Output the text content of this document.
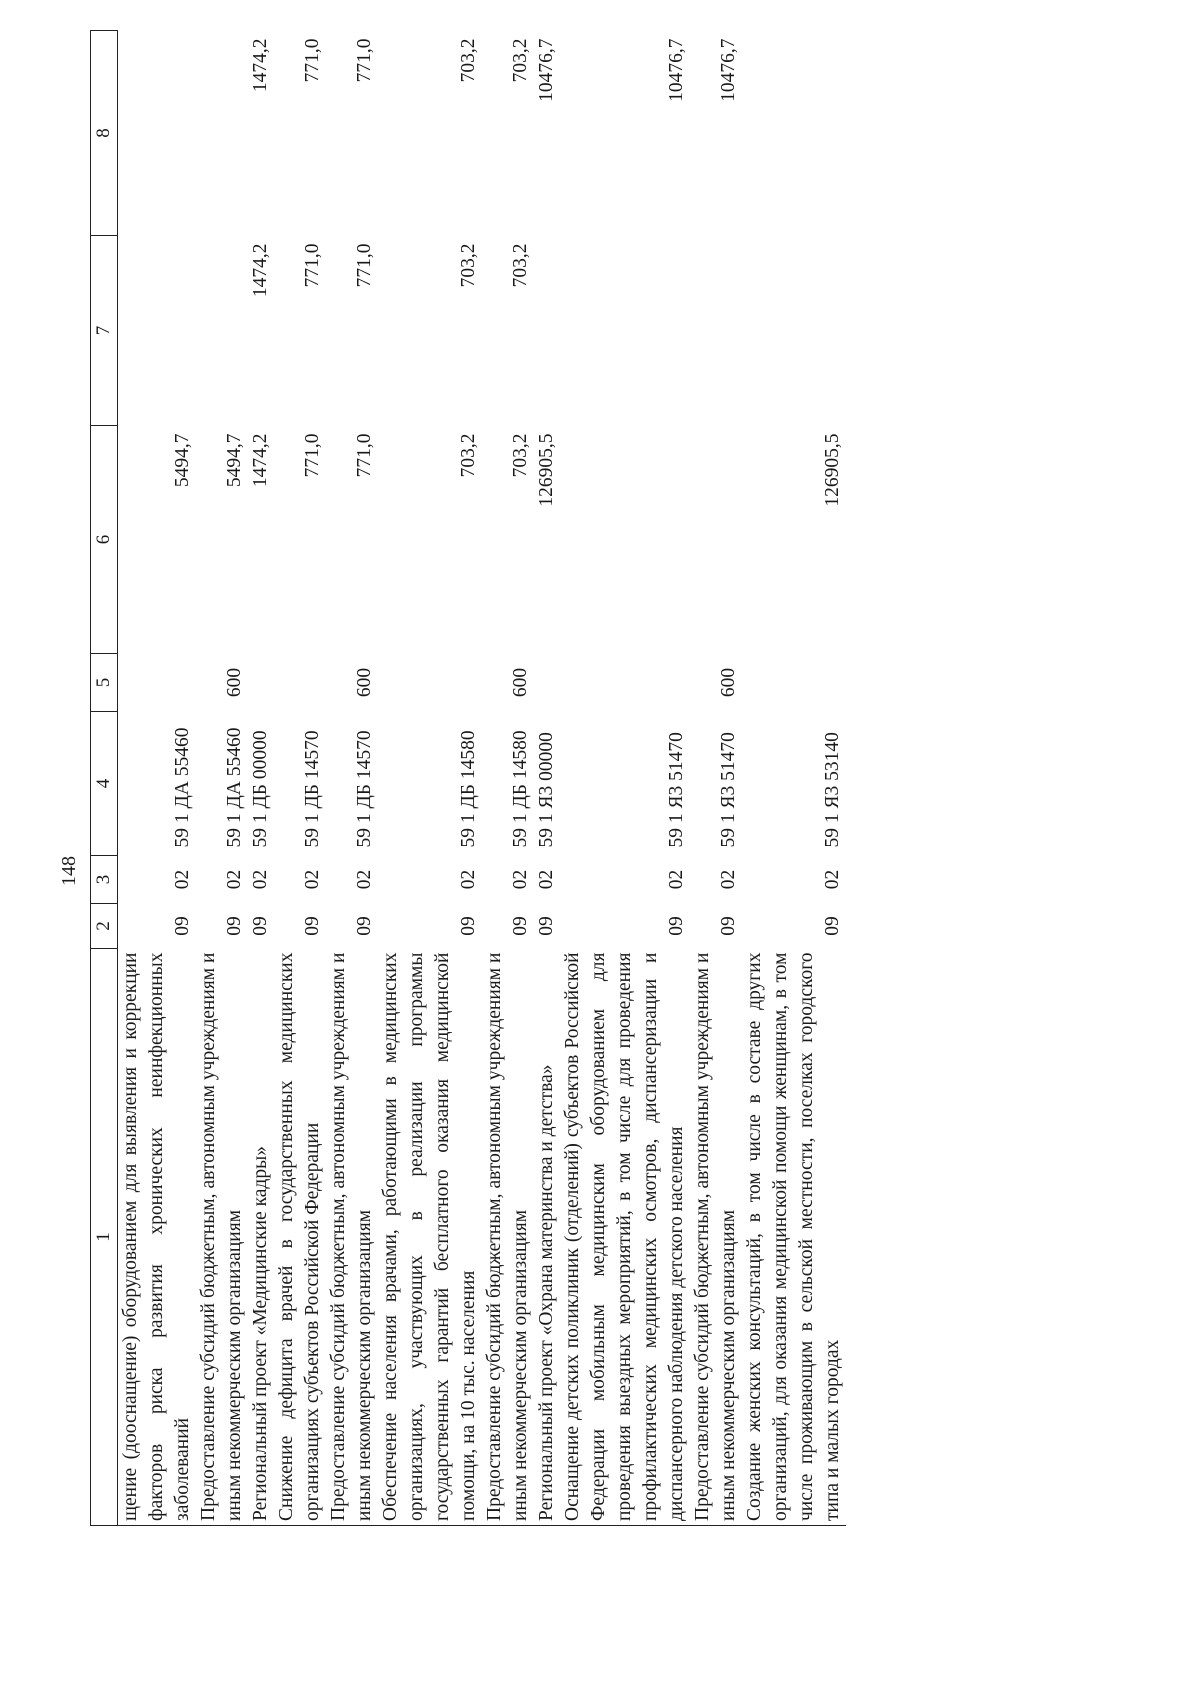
148
1	2	3	4	5	6	7	8
щение (дооснащение) оборудованием для выявления и коррекции факторов риска развития хронических неинфекционных заболеваний	09	02	59 1 ДА 55460		5494,7		
Предоставление субсидий бюджетным, автономным учреждениям и иным некоммерческим организациям	09	02	59 1 ДА 55460	600	5494,7		
Региональный проект «Медицинские кадры»	09	02	59 1 ДБ 00000		1474,2	1474,2	1474,2
Снижение дефицита врачей в государственных медицинских организациях субъектов Российской Федерации	09	02	59 1 ДБ 14570		771,0	771,0	771,0
Предоставление субсидий бюджетным, автономным учреждениям и иным некоммерческим организациям	09	02	59 1 ДБ 14570	600	771,0	771,0	771,0
Обеспечение населения врачами, работающими в медицинских организациях, участвующих в реализации программы государственных гарантий бесплатного оказания медицинской помощи, на 10 тыс. населения	09	02	59 1 ДБ 14580		703,2	703,2	703,2
Предоставление субсидий бюджетным, автономным учреждениям и иным некоммерческим организациям	09	02	59 1 ДБ 14580	600	703,2	703,2	703,2
Региональный проект «Охрана материнства и детства»	09	02	59 1 Я3 00000		126905,5		10476,7
Оснащение детских поликлиник (отделений) субъектов Российской Федерации мобильным медицинским оборудованием для проведения выездных мероприятий, в том числе для проведения профилактических медицинских осмотров, диспансеризации и диспансерного наблюдения детского населения	09	02	59 1 Я3 51470				10476,7
Предоставление субсидий бюджетным, автономным учреждениям и иным некоммерческим организациям	09	02	59 1 Я3 51470	600			10476,7
Создание женских консультаций, в том числе в составе других организаций, для оказания медицинской помощи женщинам, в том числе проживающим в сельской местности, поселках городского типа и малых городах	09	02	59 1 Я3 53140		126905,5		
